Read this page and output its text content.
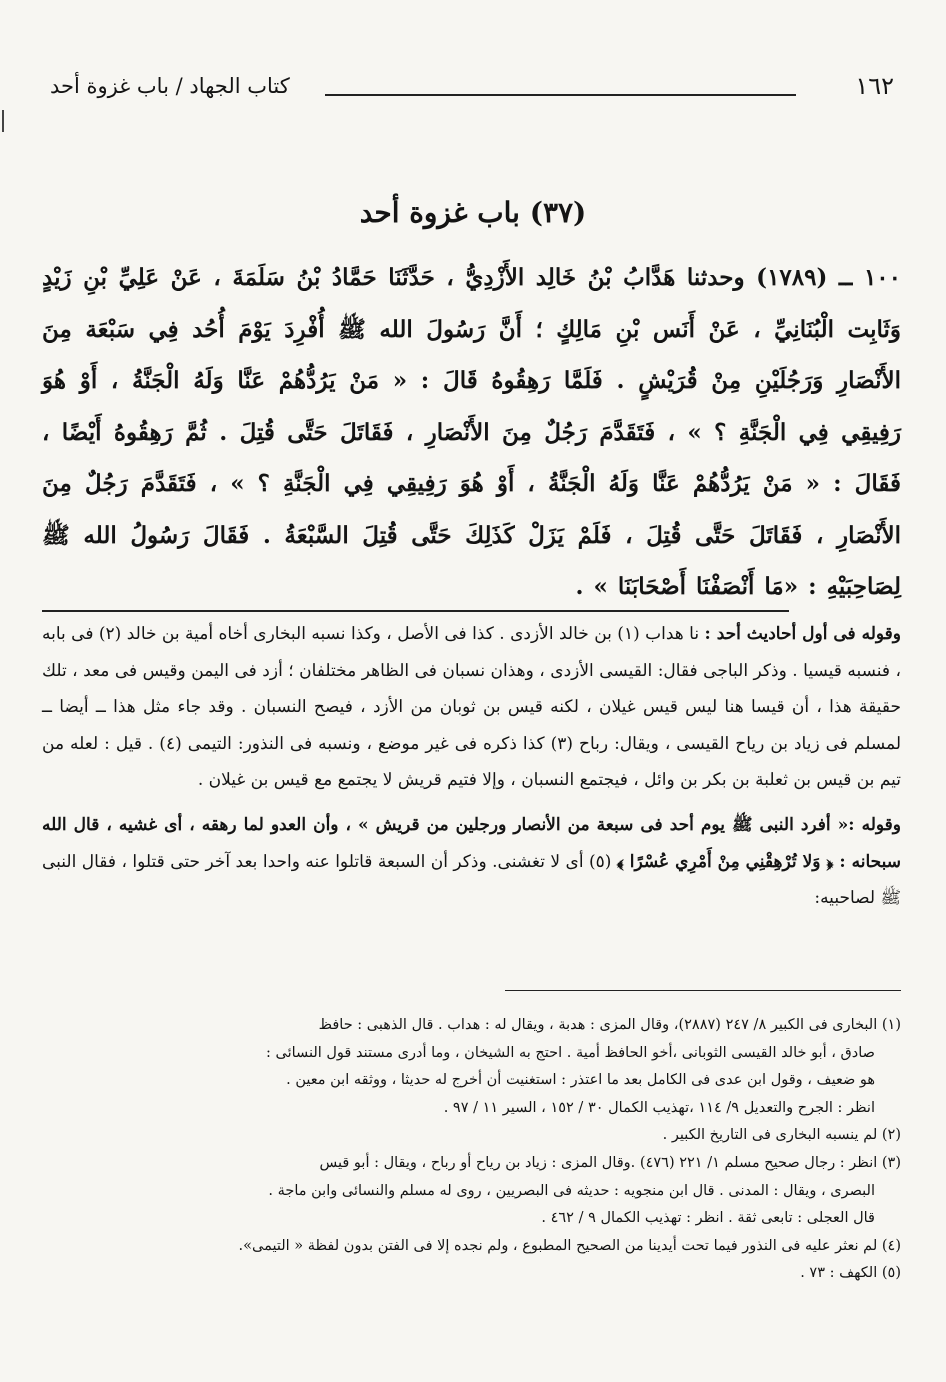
١٦٢
كتاب الجهاد / باب غزوة أحد
(٣٧) باب غزوة أحد
١٠٠ ــ (١٧٨٩) وحدثنا هَدَّابُ بْنُ خَالِد الأَزْدِيُّ ، حَدَّثَنَا حَمَّادُ بْنُ سَلَمَةَ ، عَنْ عَلِيِّ بْنِ زَيْدٍ وَثَابِت الْبُنَانِيِّ ، عَنْ أَنَس بْنِ مَالِكٍ ؛ أَنَّ رَسُولَ الله ﷺ أُفْرِدَ يَوْمَ أُحُد فِي سَبْعَة مِنَ الأَنْصَارِ وَرَجُلَيْنِ مِنْ قُرَيْشٍ . فَلَمَّا رَهِقُوهُ قَالَ : « مَنْ يَرُدُّهُمْ عَنَّا وَلَهُ الْجَنَّةُ ، أَوْ هُوَ رَفِيقِي فِي الْجَنَّةِ ؟ » ، فَتَقَدَّمَ رَجُلٌ مِنَ الأَنْصَارِ ، فَقَاتَلَ حَتَّى قُتِلَ . ثُمَّ رَهِقُوهُ أَيْضًا ، فَقَالَ : « مَنْ يَرُدُّهُمْ عَنَّا وَلَهُ الْجَنَّةُ ، أَوْ هُوَ رَفِيقِي فِي الْجَنَّةِ ؟ » ، فَتَقَدَّمَ رَجُلٌ مِنَ الأَنْصَارِ ، فَقَاتَلَ حَتَّى قُتِلَ ، فَلَمْ يَزَلْ كَذَلِكَ حَتَّى قُتِلَ السَّبْعَةُ . فَقَالَ رَسُولُ الله ﷺ لِصَاحِبَيْهِ : «مَا أَنْصَفْنَا أَصْحَابَنَا » .

وقوله فى أول أحاديث أحد : نا هداب (١) بن خالد الأزدى . كذا فى الأصل ، وكذا نسبه البخارى أخاه أمية بن خالد (٢) فى بابه ، فنسبه قيسيا . وذكر الباجى فقال: القيسى الأزدى ، وهذان نسبان فى الظاهر مختلفان ؛ أزد فى اليمن وقيس فى معد ، تلك حقيقة هذا ، أن قيسا هنا ليس قيس غيلان ، لكنه قيس بن ثوبان من الأزد ، فيصح النسبان . وقد جاء مثل هذا ــ أيضا ــ لمسلم فى زياد بن رياح القيسى ، ويقال: رباح (٣) كذا ذكره فى غير موضع ، ونسبه فى النذور: التيمى (٤) . قيل : لعله من تيم بن قيس بن ثعلبة بن بكر بن وائل ، فيجتمع النسبان ، وإلا فتيم قريش لا يجتمع مع قيس بن غيلان .

وقوله :« أفرد النبى ﷺ يوم أحد فى سبعة من الأنصار ورجلين من قريش » ، وأن العدو لما رهقه ، أى غشيه ، قال الله سبحانه : ﴿ وَلا تُرْهِقْنِي مِنْ أَمْرِي عُسْرًا ﴾ (٥) أى لا تغشنى. وذكر أن السبعة قاتلوا عنه واحدا بعد آخر حتى قتلوا ، فقال النبى ﷺ لصاحبيه:

(١) البخارى فى الكبير ٨/ ٢٤٧ (٢٨٨٧)، وقال المزى : هدبة ، ويقال له : هداب . قال الذهبى : حافظ
صادق ، أبو خالد القيسى الثوبانى ،أخو الحافظ أمية . احتج به الشيخان ، وما أدرى مستند قول النسائى :
هو ضعيف ، وقول ابن عدى فى الكامل بعد ما اعتذر : استغنيت أن أخرج له حديثا ، ووثقه ابن معين .
انظر : الجرح والتعديل ٩/ ١١٤ ،تهذيب الكمال ٣٠ / ١٥٢ ، السير ١١ / ٩٧ .

(٢) لم ينسبه البخارى فى التاريخ الكبير .

(٣) انظر : رجال صحيح مسلم ١/ ٢٢١ (٤٧٦) .وقال المزى : زياد بن رياح أو رباح ، ويقال : أبو قيس
البصرى ، ويقال : المدنى . قال ابن منجويه : حديثه فى البصريين ، روى له مسلم والنسائى وابن ماجة .
قال العجلى : تابعى ثقة . انظر : تهذيب الكمال ٩ / ٤٦٢ .

(٤) لم نعثر عليه فى النذور فيما تحت أيدينا من الصحيح المطبوع ، ولم نجده إلا فى الفتن بدون لفظة « التيمى».

(٥) الكهف : ٧٣ .
